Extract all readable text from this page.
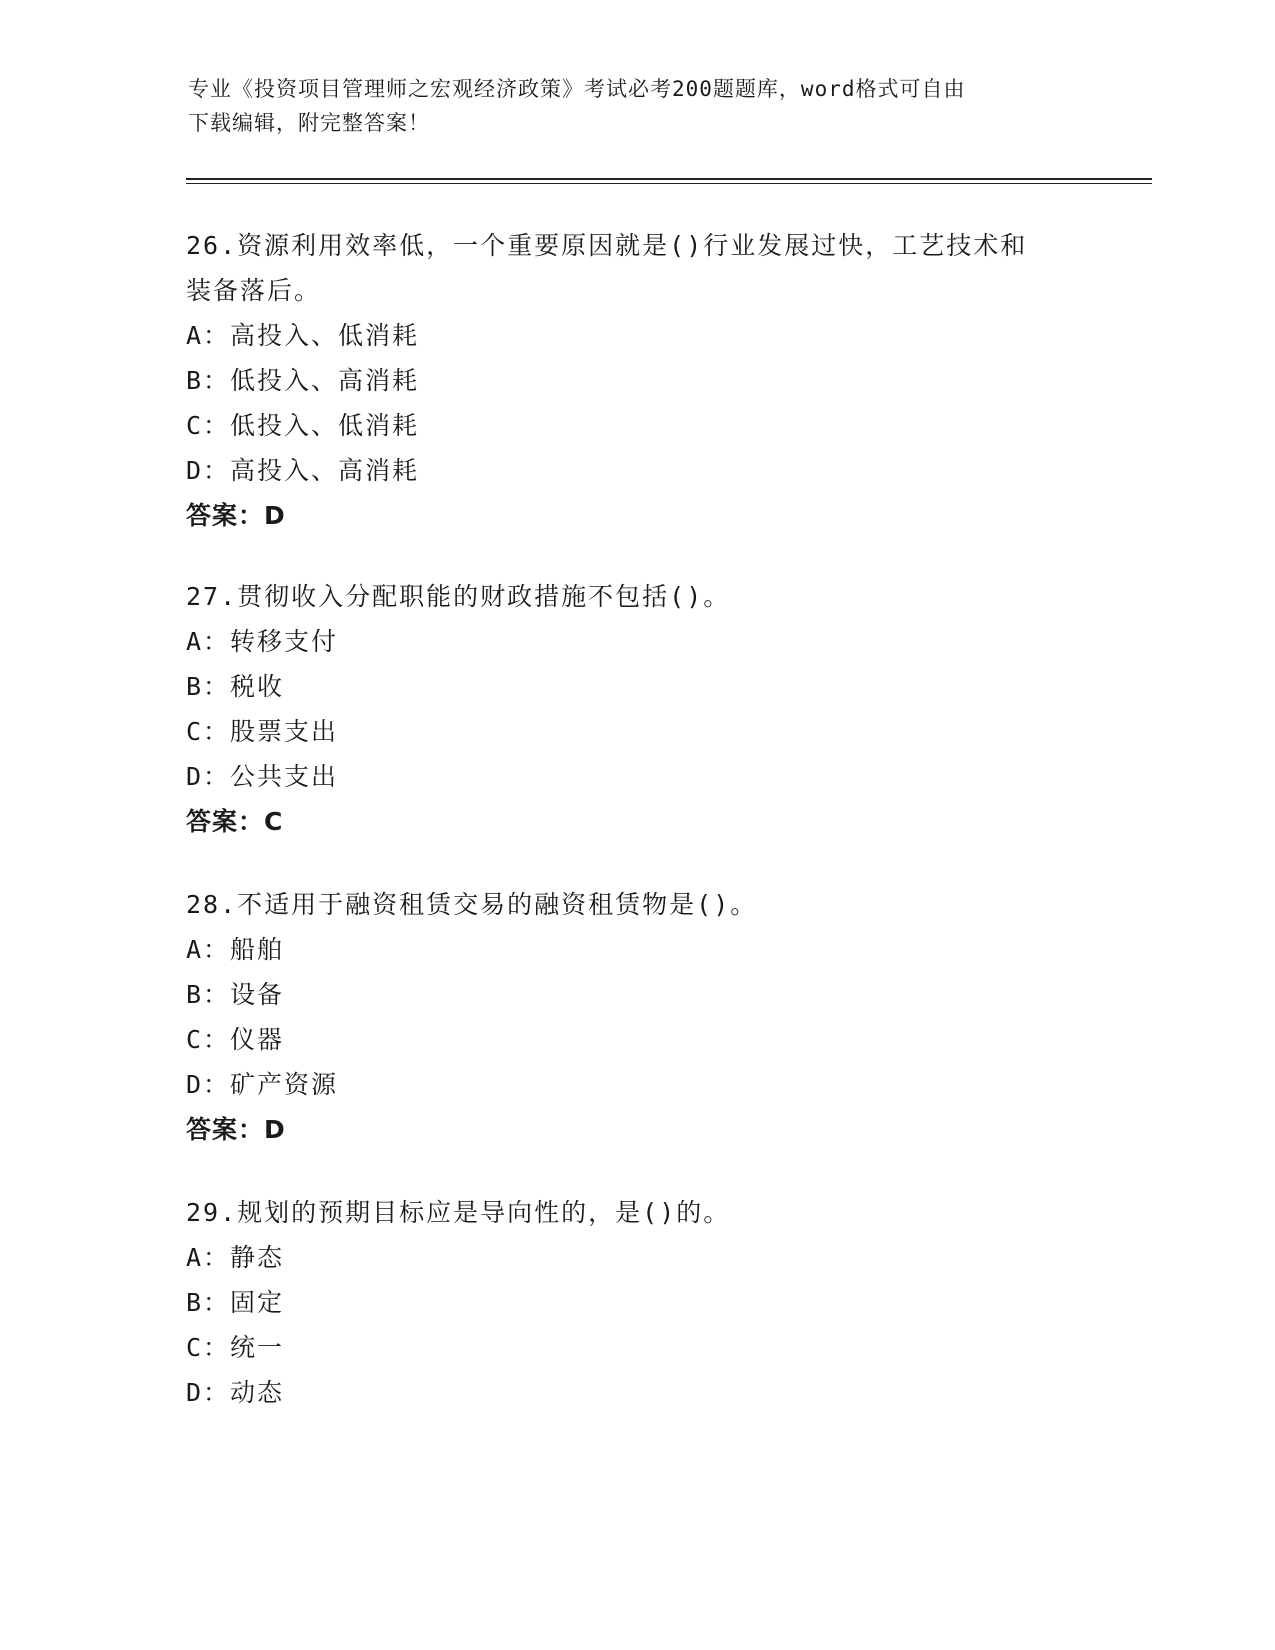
专业《投资项目管理师之宏观经济政策》考试必考200题题库，word格式可自由
下载编辑，附完整答案！
26.资源利用效率低，一个重要原因就是()行业发展过快，工艺技术和
装备落后。
A：高投入、低消耗
B：低投入、高消耗
C：低投入、低消耗
D：高投入、高消耗
答案：D
27.贯彻收入分配职能的财政措施不包括()。
A：转移支付
B：税收
C：股票支出
D：公共支出
答案：C
28.不适用于融资租赁交易的融资租赁物是()。
A：船舶
B：设备
C：仪器
D：矿产资源
答案：D
29.规划的预期目标应是导向性的，是()的。
A：静态
B：固定
C：统一
D：动态
